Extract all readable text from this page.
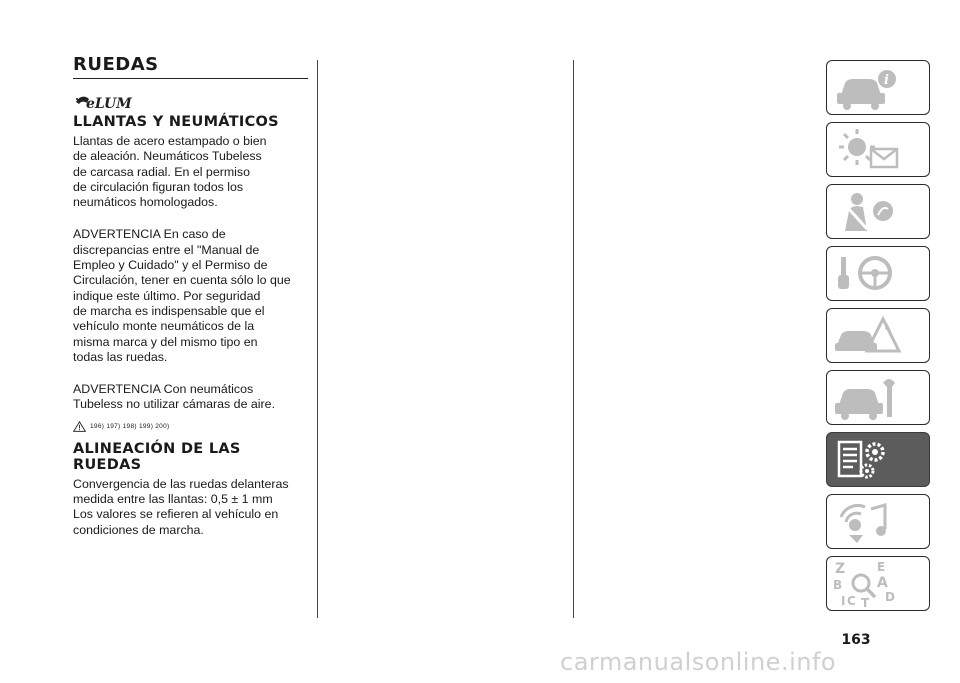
RUEDAS
eLUM
LLANTAS Y NEUMÁTICOS

Llantas de acero estampado o bien
de aleación. Neumáticos Tubeless
de carcasa radial. En el permiso
de circulación figuran todos los
neumáticos homologados.

ADVERTENCIA En caso de
discrepancias entre el "Manual de
Empleo y Cuidado" y el Permiso de
Circulación, tener en cuenta sólo lo que
indique este último. Por seguridad
de marcha es indispensable que el
vehículo monte neumáticos de la
misma marca y del mismo tipo en
todas las ruedas.

ADVERTENCIA Con neumáticos
Tubeless no utilizar cámaras de aire.

196) 197) 198) 199) 200)
ALINEACIÓN DE LAS
RUEDAS

Convergencia de las ruedas delanteras
medida entre las llantas: 0,5 ± 1 mm
Los valores se refieren al vehículo en
condiciones de marcha.

i
Z	E
B A
C T D
I
163
carmanualsonline.info
